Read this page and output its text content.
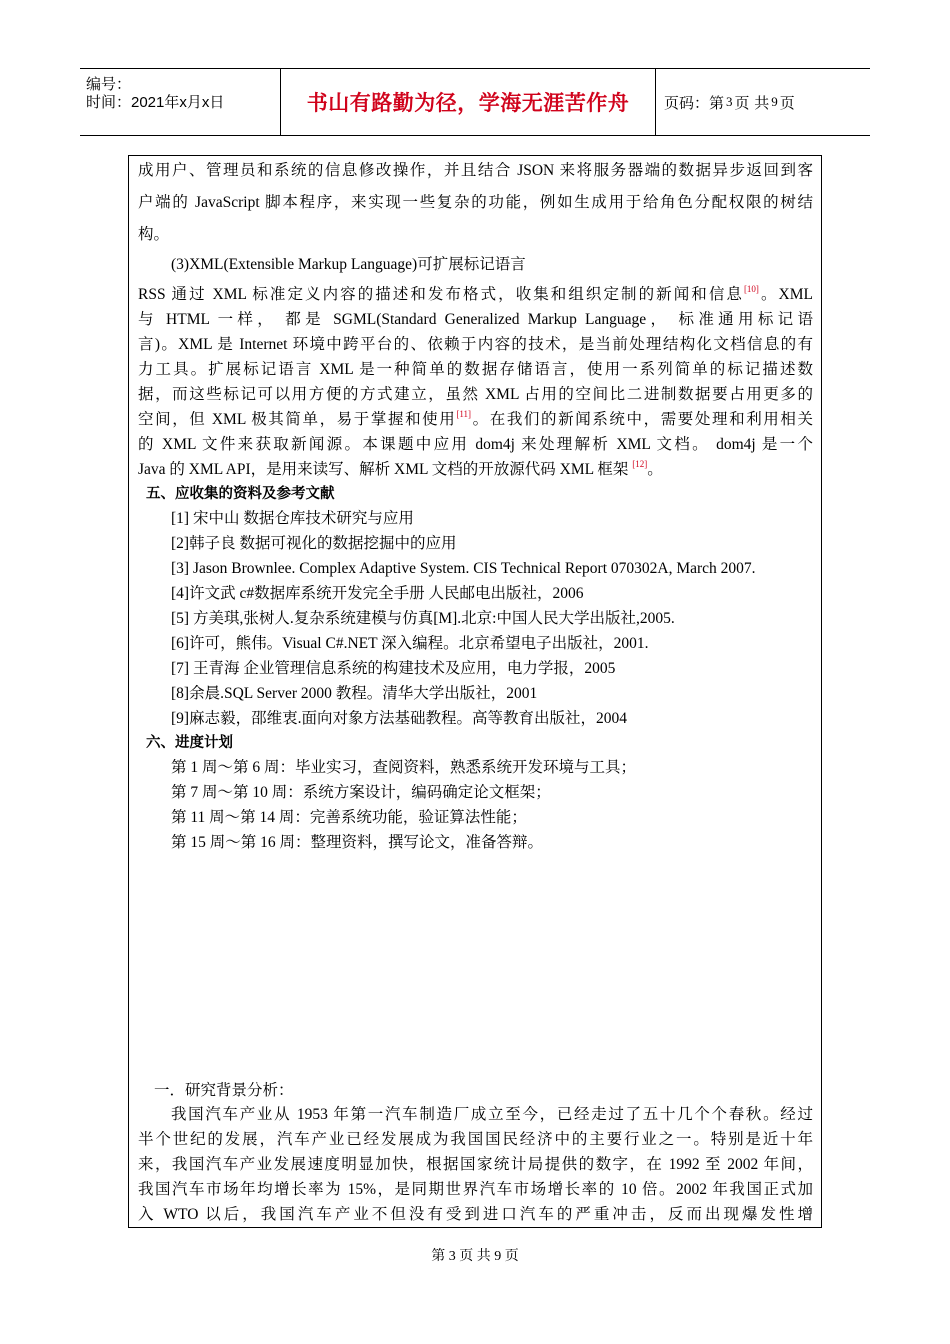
编号：
时间：2021年x月x日	书山有路勤为径，学海无涯苦作舟	页码：第 3 页 共 9 页
成用户、管理员和系统的信息修改操作，并且结合 JSON 来将服务器端的数据异步返回到客
户端的 JavaScript 脚本程序，来实现一些复杂的功能，例如生成用于给角色分配权限的树结
构。
(3)XML(Extensible Markup Language)可扩展标记语言
RSS 通过 XML 标准定义内容的描述和发布格式，收集和组织定制的新闻和信息[10]。XML
与 HTML 一样， 都是 SGML(Standard Generalized Markup Language， 标准通用标记语
言)。XML 是 Internet 环境中跨平台的、依赖于内容的技术，是当前处理结构化文档信息的有
力工具。扩展标记语言 XML 是一种简单的数据存储语言，使用一系列简单的标记描述数
据，而这些标记可以用方便的方式建立，虽然 XML 占用的空间比二进制数据要占用更多的
空间，但 XML 极其简单，易于掌握和使用[11]。在我们的新闻系统中，需要处理和利用相关
的 XML 文件来获取新闻源。本课题中应用 dom4j 来处理解析 XML 文档。 dom4j 是一个
Java 的 XML API，是用来读写、解析 XML 文档的开放源代码 XML 框架 [12]。
五、应收集的资料及参考文献
[1] 宋中山 数据仓库技术研究与应用
[2]韩子良 数据可视化的数据挖掘中的应用
[3] Jason Brownlee. Complex Adaptive System. CIS Technical Report 070302A, March 2007.
[4]许文武 c#数据库系统开发完全手册 人民邮电出版社，2006
[5] 方美琪,张树人.复杂系统建模与仿真[M].北京:中国人民大学出版社,2005.
[6]许可，熊伟。Visual C#.NET 深入编程。北京希望电子出版社，2001.
[7] 王青海 企业管理信息系统的构建技术及应用，电力学报，2005
[8]余晨.SQL Server 2000 教程。清华大学出版社，2001
[9]麻志毅，邵维衷.面向对象方法基础教程。高等教育出版社，2004
六、进度计划
第 1 周～第 6 周：毕业实习，查阅资料，熟悉系统开发环境与工具；
第 7 周～第 10 周：系统方案设计，编码确定论文框架；
第 11 周～第 14 周：完善系统功能，验证算法性能；
第 15 周～第 16 周：整理资料，撰写论文，准备答辩。
一．研究背景分析：
我国汽车产业从 1953 年第一汽车制造厂成立至今，已经走过了五十几个个春秋。经过
半个世纪的发展，汽车产业已经发展成为我国国民经济中的主要行业之一。特别是近十年
来，我国汽车产业发展速度明显加快，根据国家统计局提供的数字，在 1992 至 2002 年间，
我国汽车市场年均增长率为 15%，是同期世界汽车市场增长率的 10 倍。2002 年我国正式加
入 WTO 以后，我国汽车产业不但没有受到进口汽车的严重冲击，反而出现爆发性增
第 3 页 共 9 页
